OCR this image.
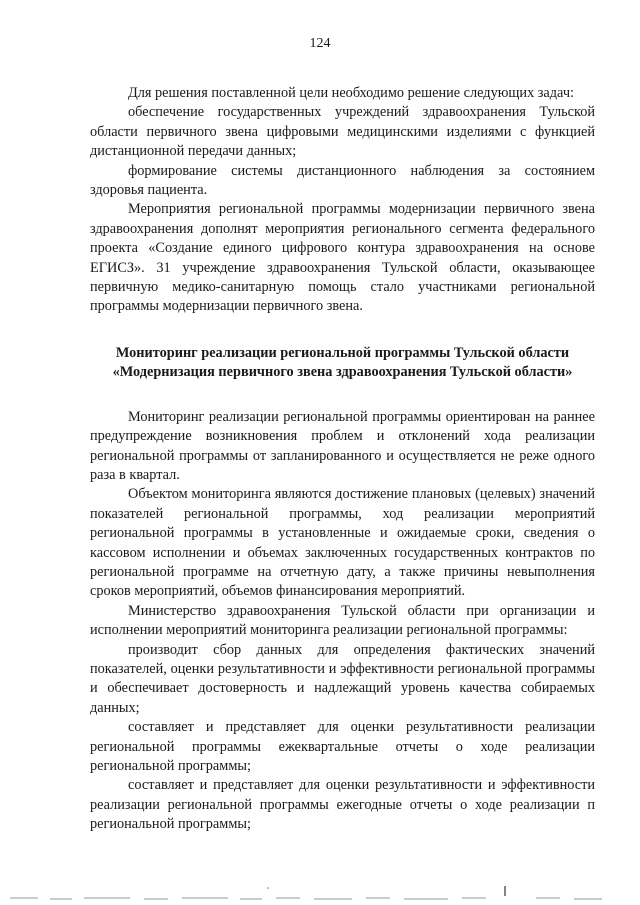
124

Для решения поставленной цели необходимо решение следующих задач:

обеспечение государственных учреждений здравоохранения Тульской области первичного звена цифровыми медицинскими изделиями с функцией дистанционной передачи данных;

формирование системы дистанционного наблюдения за состоянием здоровья пациента.

Мероприятия региональной программы модернизации первичного звена здравоохранения дополнят мероприятия регионального сегмента федерального проекта «Создание единого цифрового контура здравоохранения на основе ЕГИСЗ». 31 учреждение здравоохранения Тульской области, оказывающее первичную медико-санитарную помощь стало участниками региональной программы модернизации первичного звена.

Мониторинг реализации региональной программы Тульской области
«Модернизация первичного звена здравоохранения Тульской области»

Мониторинг реализации региональной программы ориентирован на раннее предупреждение возникновения проблем и отклонений хода реализации региональной программы от запланированного и осуществляется не реже одного раза в квартал.

Объектом мониторинга являются достижение плановых (целевых) значений показателей региональной программы, ход реализации мероприятий региональной программы в установленные и ожидаемые сроки, сведения о кассовом исполнении и объемах заключенных государственных контрактов по региональной программе на отчетную дату, а также причины невыполнения сроков мероприятий, объемов финансирования мероприятий.

Министерство здравоохранения Тульской области при организации и исполнении мероприятий мониторинга реализации региональной программы:

производит сбор данных для определения фактических значений показателей, оценки результативности и эффективности региональной программы и обеспечивает достоверность и надлежащий уровень качества собираемых данных;

составляет и представляет для оценки результативности реализации региональной программы ежеквартальные отчеты о ходе реализации региональной программы;

составляет и представляет для оценки результативности и эффективности реализации региональной программы ежегодные отчеты о ходе реализации п региональной программы;
